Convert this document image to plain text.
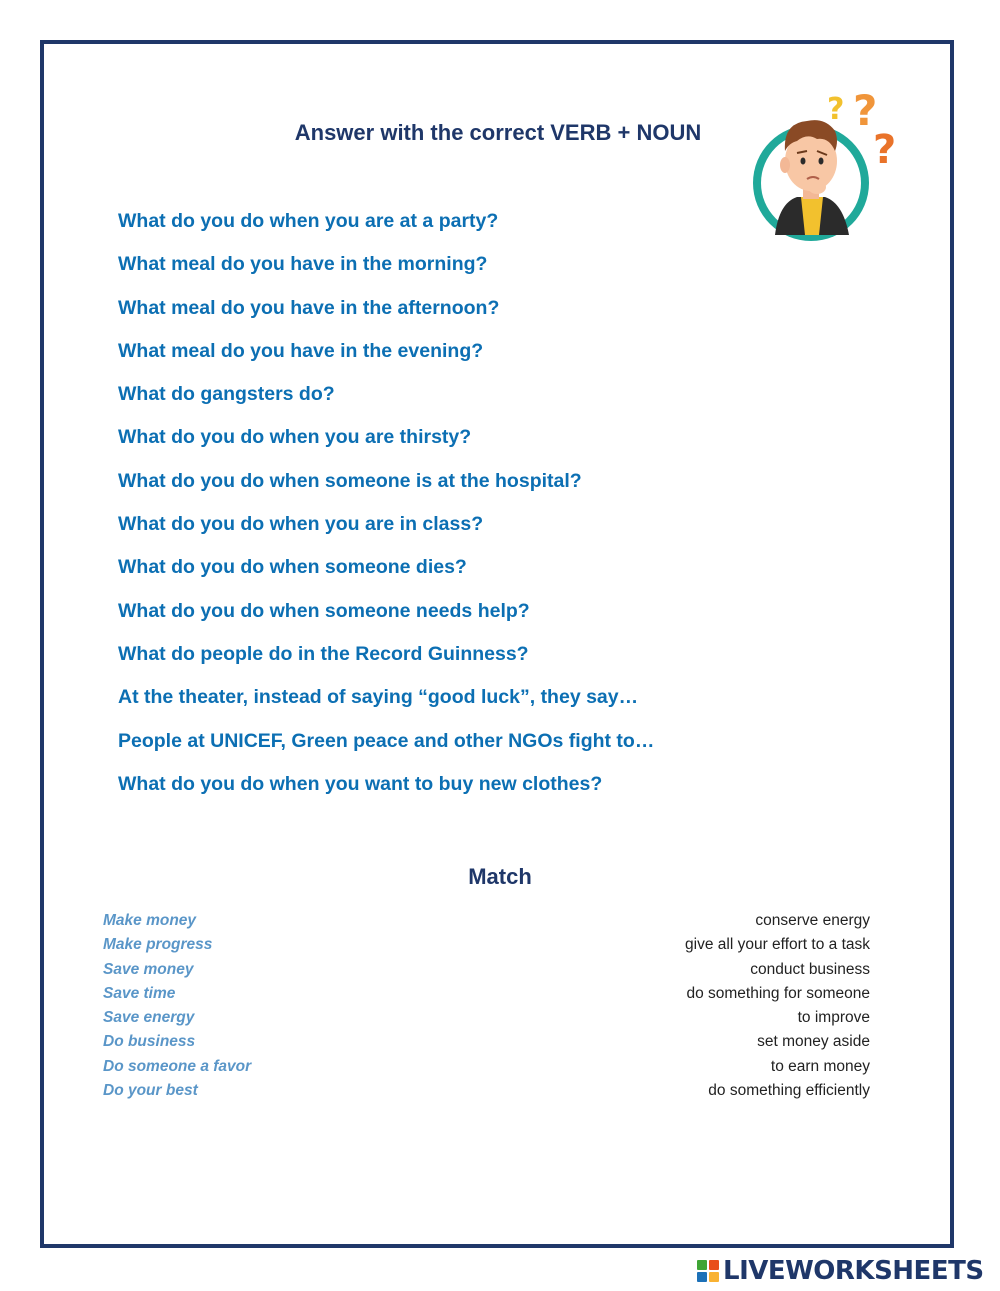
Answer with the correct VERB + NOUN
? ?
?
What do you do when you are at a party?
What meal do you have in the morning?
What meal do you have in the afternoon?
What meal do you have in the evening?
What do gangsters do?
What do you do when you are thirsty?
What do you do when someone is at the hospital?
What do you do when you are in class?
What do you do when someone dies?
What do you do when someone needs help?
What do people do in the Record Guinness?
At the theater, instead of saying “good luck”, they say…
People at UNICEF, Green peace and other NGOs fight to…
What do you do when you want to buy new clothes?
Match
Make money
Make progress
Save money
Save time
Save energy
Do business
Do someone a favor
Do your best
conserve energy
give all your effort to a task
conduct business
do something for someone
to improve
set money aside
to earn money
do something efficiently
LIVEWORKSHEETS
